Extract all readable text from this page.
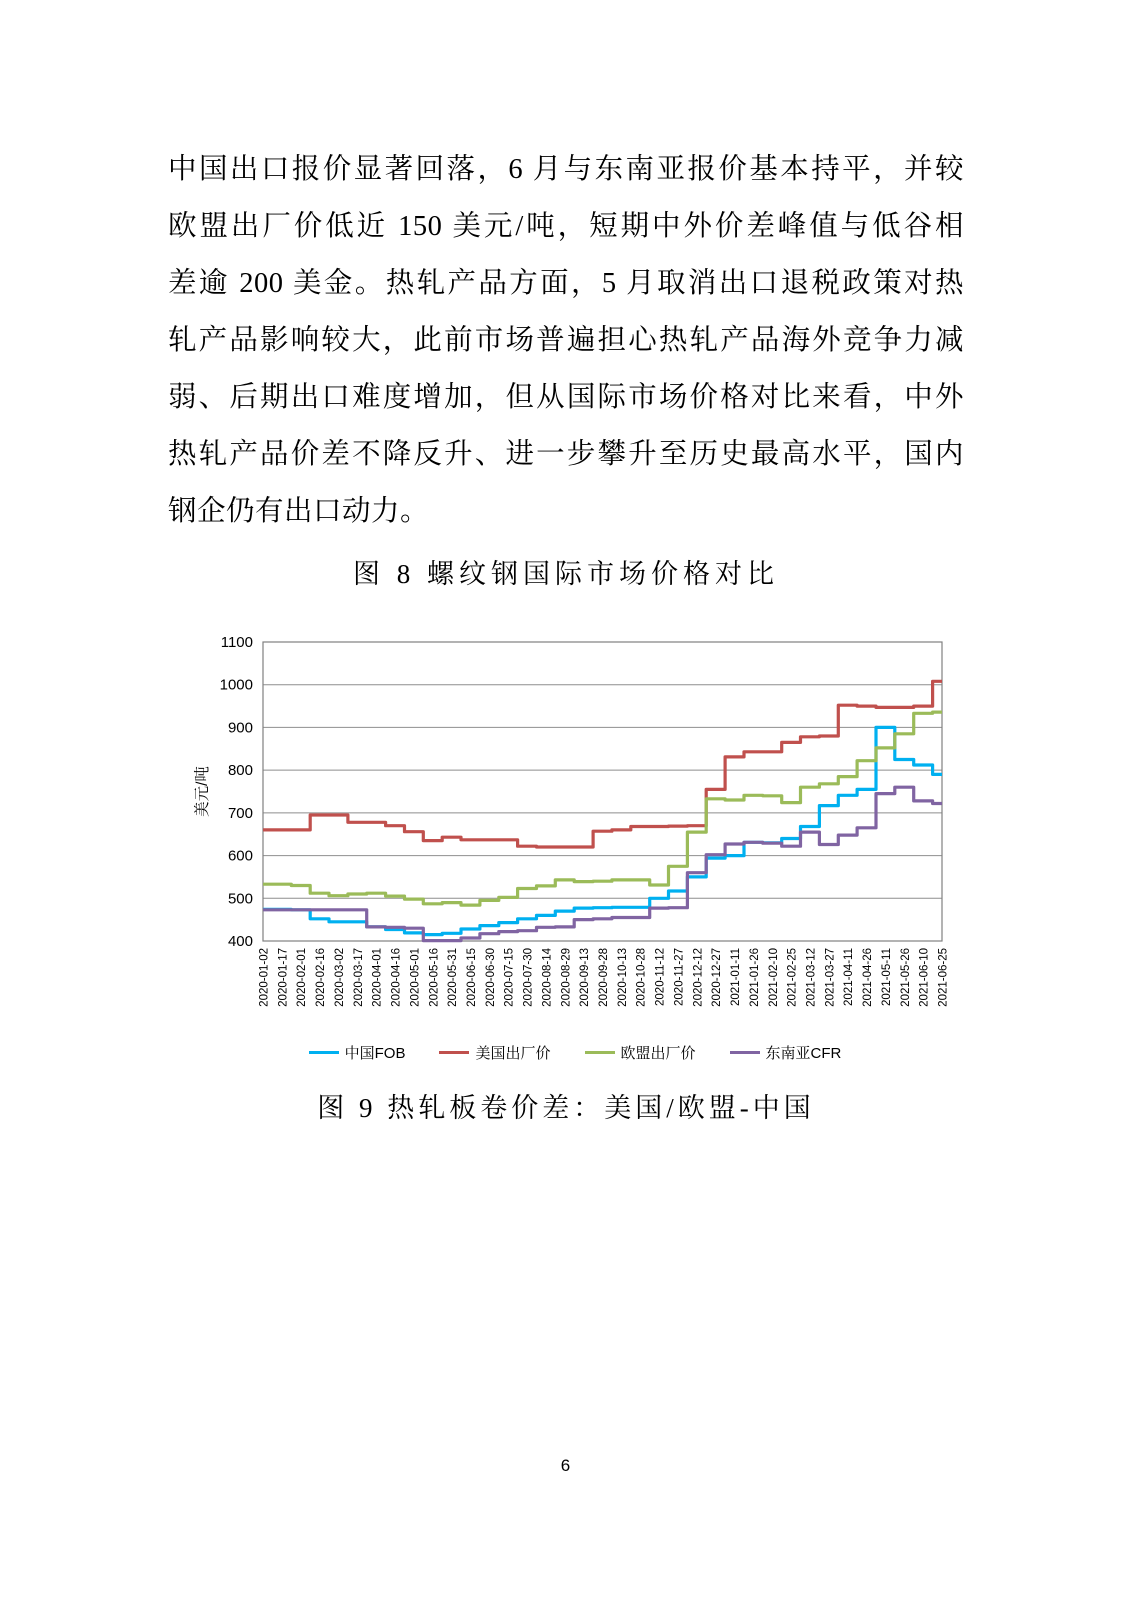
中国出口报价显著回落，6 月与东南亚报价基本持平，并较
欧盟出厂价低近 150 美元/吨，短期中外价差峰值与低谷相
差逾 200 美金。热轧产品方面，5 月取消出口退税政策对热
轧产品影响较大，此前市场普遍担心热轧产品海外竞争力减
弱、后期出口难度增加，但从国际市场价格对比来看，中外
热轧产品价差不降反升、进一步攀升至历史最高水平，国内
钢企仍有出口动力。
图 8 螺纹钢国际市场价格对比
400
500
600
700
800
900
1000
1100
2020-01-02 2020-01-17 2020-02-01 2020-02-16 2020-03-02 2020-03-17 2020-04-01 2020-04-16 2020-05-01 2020-05-16 2020-05-31 2020-06-15 2020-06-30 2020-07-15 2020-07-30 2020-08-14 2020-08-29 2020-09-13 2020-09-28 2020-10-13 2020-10-28 2020-11-12 2020-11-27 2020-12-12 2020-12-27 2021-01-11 2021-01-26 2021-02-10 2021-02-25 2021-03-12 2021-03-27 2021-04-11 2021-04-26 2021-05-11 2021-05-26 2021-06-10 2021-06-25
美元/吨
中国FOB	美国出厂价	欧盟出厂价	东南亚CFR
图 9 热轧板卷价差：美国/欧盟-中国
6
